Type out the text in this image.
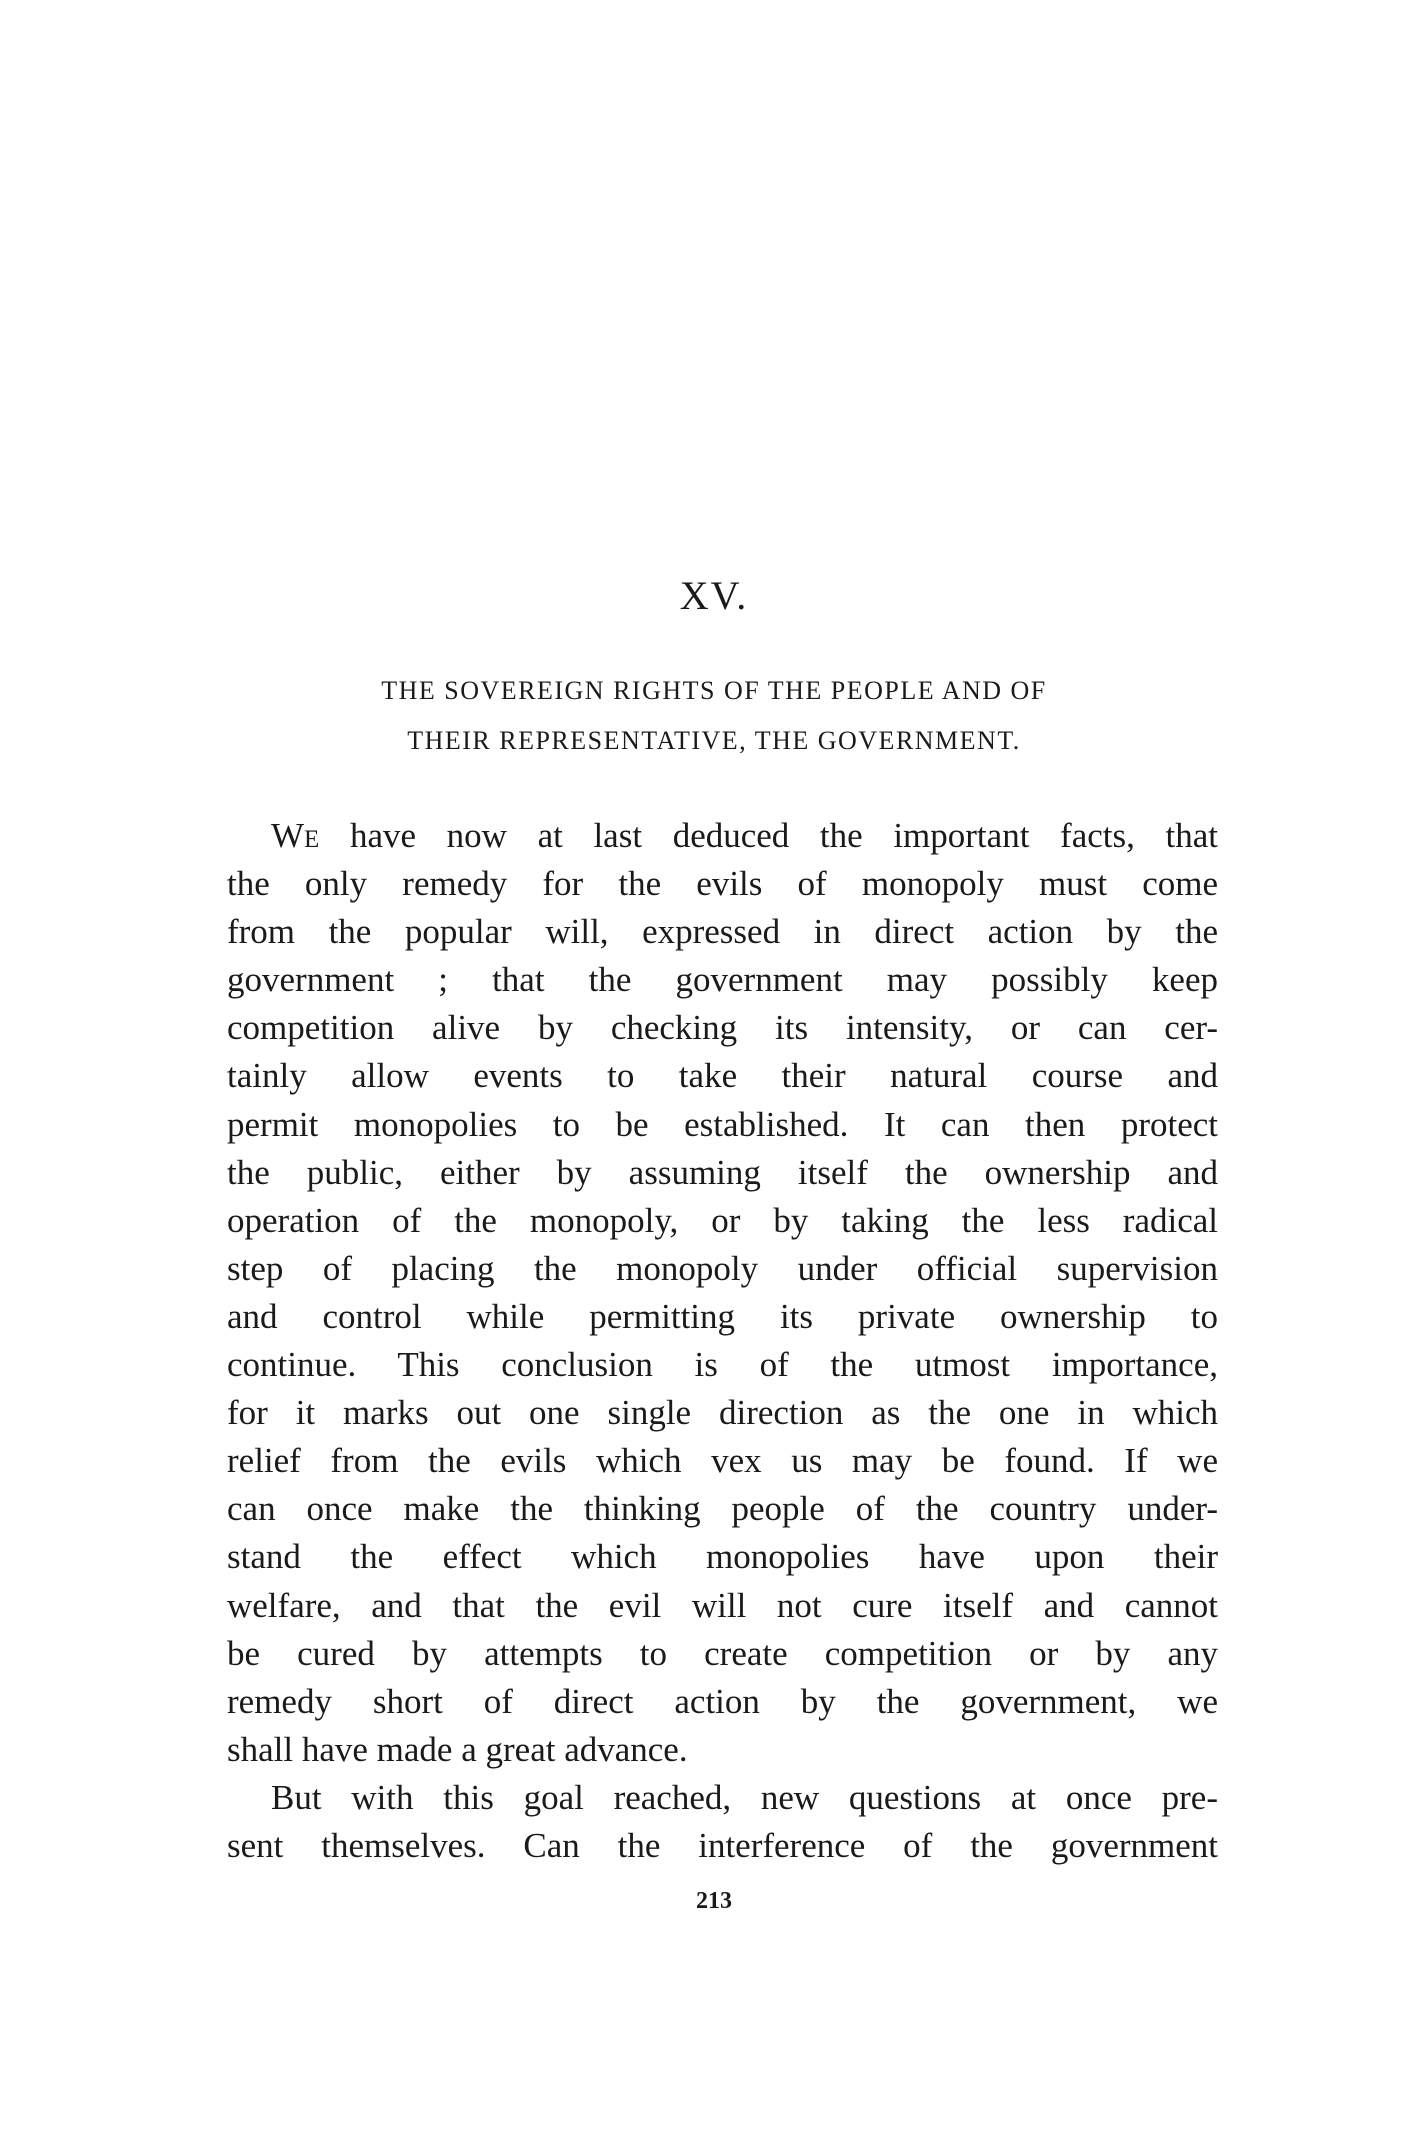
XV.
THE SOVEREIGN RIGHTS OF THE PEOPLE AND OF
THEIR REPRESENTATIVE, THE GOVERNMENT.
We have now at last deduced the important facts, that
the only remedy for the evils of monopoly must come
from the popular will, expressed in direct action by the
government ; that the government may possibly keep
competition alive by checking its intensity, or can cer-
tainly allow events to take their natural course and
permit monopolies to be established. It can then protect
the public, either by assuming itself the ownership and
operation of the monopoly, or by taking the less radical
step of placing the monopoly under official supervision
and control while permitting its private ownership to
continue. This conclusion is of the utmost importance,
for it marks out one single direction as the one in which
relief from the evils which vex us may be found. If we
can once make the thinking people of the country under-
stand the effect which monopolies have upon their
welfare, and that the evil will not cure itself and cannot
be cured by attempts to create competition or by any
remedy short of direct action by the government, we
shall have made a great advance.
But with this goal reached, new questions at once pre-
sent themselves. Can the interference of the government
213
